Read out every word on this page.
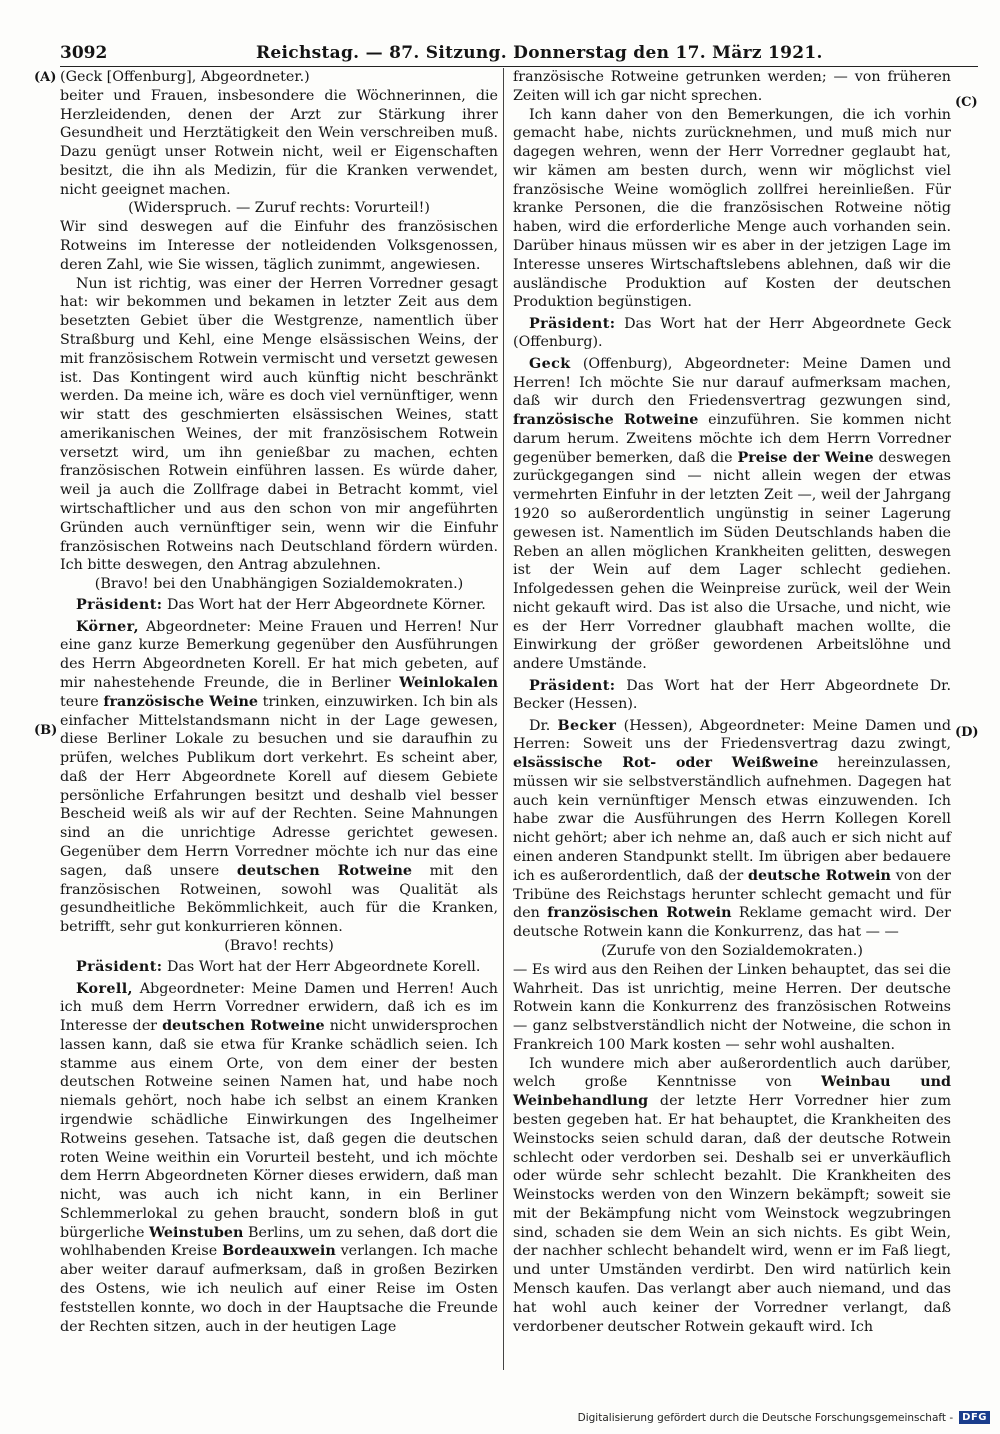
3092	Reichstag. — 87. Sitzung. Donnerstag den 17. März 1921.
(A)
(B)
(C)
(D)

(Geck [Offenburg], Abgeordneter.)

beiter und Frauen, insbesondere die Wöchnerinnen, die Herzleidenden, denen der Arzt zur Stärkung ihrer Gesundheit und Herztätigkeit den Wein verschreiben muß. Dazu genügt unser Rotwein nicht, weil er Eigenschaften besitzt, die ihn als Medizin, für die Kranken verwendet, nicht geeignet machen.

(Widerspruch. — Zuruf rechts: Vorurteil!)

Wir sind deswegen auf die Einfuhr des französischen Rotweins im Interesse der notleidenden Volksgenossen, deren Zahl, wie Sie wissen, täglich zunimmt, angewiesen.

Nun ist richtig, was einer der Herren Vorredner gesagt hat: wir bekommen und bekamen in letzter Zeit aus dem besetzten Gebiet über die Westgrenze, namentlich über Straßburg und Kehl, eine Menge elsässischen Weins, der mit französischem Rotwein vermischt und versetzt gewesen ist. Das Kontingent wird auch künftig nicht beschränkt werden. Da meine ich, wäre es doch viel vernünftiger, wenn wir statt des geschmierten elsässischen Weines, statt amerikanischen Weines, der mit französischem Rotwein versetzt wird, um ihn genießbar zu machen, echten französischen Rotwein einführen lassen. Es würde daher, weil ja auch die Zollfrage dabei in Betracht kommt, viel wirtschaftlicher und aus den schon von mir angeführten Gründen auch vernünftiger sein, wenn wir die Einfuhr französischen Rotweins nach Deutschland fördern würden. Ich bitte deswegen, den Antrag abzulehnen.

(Bravo! bei den Unabhängigen Sozialdemokraten.)

Präsident: Das Wort hat der Herr Abgeordnete Körner.

Körner, Abgeordneter: Meine Frauen und Herren! Nur eine ganz kurze Bemerkung gegenüber den Ausführungen des Herrn Abgeordneten Korell. Er hat mich gebeten, auf mir nahestehende Freunde, die in Berliner Weinlokalen teure französische Weine trinken, einzuwirken. Ich bin als einfacher Mittelstandsmann nicht in der Lage gewesen, diese Berliner Lokale zu besuchen und sie daraufhin zu prüfen, welches Publikum dort verkehrt. Es scheint aber, daß der Herr Abgeordnete Korell auf diesem Gebiete persönliche Erfahrungen besitzt und deshalb viel besser Bescheid weiß als wir auf der Rechten. Seine Mahnungen sind an die unrichtige Adresse gerichtet gewesen. Gegenüber dem Herrn Vorredner möchte ich nur das eine sagen, daß unsere deutschen Rotweine mit den französischen Rotweinen, sowohl was Qualität als gesundheitliche Bekömmlichkeit, auch für die Kranken, betrifft, sehr gut konkurrieren können.

(Bravo! rechts)

Präsident: Das Wort hat der Herr Abgeordnete Korell.

Korell, Abgeordneter: Meine Damen und Herren! Auch ich muß dem Herrn Vorredner erwidern, daß ich es im Interesse der deutschen Rotweine nicht unwidersprochen lassen kann, daß sie etwa für Kranke schädlich seien. Ich stamme aus einem Orte, von dem einer der besten deutschen Rotweine seinen Namen hat, und habe noch niemals gehört, noch habe ich selbst an einem Kranken irgendwie schädliche Einwirkungen des Ingelheimer Rotweins gesehen. Tatsache ist, daß gegen die deutschen roten Weine weithin ein Vorurteil besteht, und ich möchte dem Herrn Abgeordneten Körner dieses erwidern, daß man nicht, was auch ich nicht kann, in ein Berliner Schlemmerlokal zu gehen braucht, sondern bloß in gut bürgerliche Weinstuben Berlins, um zu sehen, daß dort die wohlhabenden Kreise Bordeauxwein verlangen. Ich mache aber weiter darauf aufmerksam, daß in großen Bezirken des Ostens, wie ich neulich auf einer Reise im Osten feststellen konnte, wo doch in der Hauptsache die Freunde der Rechten sitzen, auch in der heutigen Lage

französische Rotweine getrunken werden; — von früheren Zeiten will ich gar nicht sprechen.

Ich kann daher von den Bemerkungen, die ich vorhin gemacht habe, nichts zurücknehmen, und muß mich nur dagegen wehren, wenn der Herr Vorredner geglaubt hat, wir kämen am besten durch, wenn wir möglichst viel französische Weine womöglich zollfrei hereinließen. Für kranke Personen, die die französischen Rotweine nötig haben, wird die erforderliche Menge auch vorhanden sein. Darüber hinaus müssen wir es aber in der jetzigen Lage im Interesse unseres Wirtschaftslebens ablehnen, daß wir die ausländische Produktion auf Kosten der deutschen Produktion begünstigen.

Präsident: Das Wort hat der Herr Abgeordnete Geck (Offenburg).

Geck (Offenburg), Abgeordneter: Meine Damen und Herren! Ich möchte Sie nur darauf aufmerksam machen, daß wir durch den Friedensvertrag gezwungen sind, französische Rotweine einzuführen. Sie kommen nicht darum herum. Zweitens möchte ich dem Herrn Vorredner gegenüber bemerken, daß die Preise der Weine deswegen zurückgegangen sind — nicht allein wegen der etwas vermehrten Einfuhr in der letzten Zeit —, weil der Jahrgang 1920 so außerordentlich ungünstig in seiner Lagerung gewesen ist. Namentlich im Süden Deutschlands haben die Reben an allen möglichen Krankheiten gelitten, deswegen ist der Wein auf dem Lager schlecht gediehen. Infolgedessen gehen die Weinpreise zurück, weil der Wein nicht gekauft wird. Das ist also die Ursache, und nicht, wie es der Herr Vorredner glaubhaft machen wollte, die Einwirkung der größer gewordenen Arbeitslöhne und andere Umstände.

Präsident: Das Wort hat der Herr Abgeordnete Dr. Becker (Hessen).

Dr. Becker (Hessen), Abgeordneter: Meine Damen und Herren: Soweit uns der Friedensvertrag dazu zwingt, elsässische Rot- oder Weißweine hereinzulassen, müssen wir sie selbstverständlich aufnehmen. Dagegen hat auch kein vernünftiger Mensch etwas einzuwenden. Ich habe zwar die Ausführungen des Herrn Kollegen Korell nicht gehört; aber ich nehme an, daß auch er sich nicht auf einen anderen Standpunkt stellt. Im übrigen aber bedauere ich es außerordentlich, daß der deutsche Rotwein von der Tribüne des Reichstags herunter schlecht gemacht und für den französischen Rotwein Reklame gemacht wird. Der deutsche Rotwein kann die Konkurrenz, das hat — —

(Zurufe von den Sozialdemokraten.)

— Es wird aus den Reihen der Linken behauptet, das sei die Wahrheit. Das ist unrichtig, meine Herren. Der deutsche Rotwein kann die Konkurrenz des französischen Rotweins — ganz selbstverständlich nicht der Notweine, die schon in Frankreich 100 Mark kosten — sehr wohl aushalten.

Ich wundere mich aber außerordentlich auch darüber, welch große Kenntnisse von Weinbau und Weinbehandlung der letzte Herr Vorredner hier zum besten gegeben hat. Er hat behauptet, die Krankheiten des Weinstocks seien schuld daran, daß der deutsche Rotwein schlecht oder verdorben sei. Deshalb sei er unverkäuflich oder würde sehr schlecht bezahlt. Die Krankheiten des Weinstocks werden von den Winzern bekämpft; soweit sie mit der Bekämpfung nicht vom Weinstock wegzubringen sind, schaden sie dem Wein an sich nichts. Es gibt Wein, der nachher schlecht behandelt wird, wenn er im Faß liegt, und unter Umständen verdirbt. Den wird natürlich kein Mensch kaufen. Das verlangt aber auch niemand, und das hat wohl auch keiner der Vorredner verlangt, daß verdorbener deutscher Rotwein gekauft wird. Ich

Digitalisierung gefördert durch die Deutsche Forschungsgemeinschaft - DFG
